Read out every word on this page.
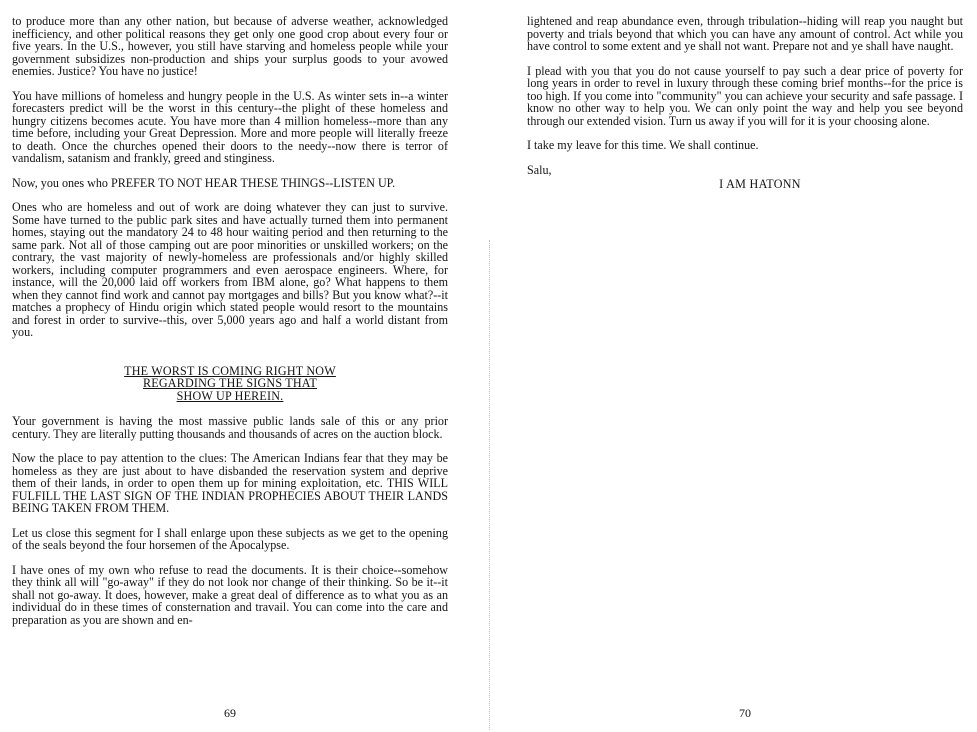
to produce more than any other nation, but because of adverse weather, acknowledged inefficiency, and other political reasons they get only one good crop about every four or five years. In the U.S., however, you still have starving and homeless people while your government subsidizes non-production and ships your surplus goods to your avowed enemies. Justice? You have no justice!

You have millions of homeless and hungry people in the U.S. As winter sets in--a winter forecasters predict will be the worst in this century--the plight of these homeless and hungry citizens becomes acute. You have more than 4 million homeless--more than any time before, including your Great Depression. More and more people will literally freeze to death. Once the churches opened their doors to the needy--now there is terror of vandalism, satanism and frankly, greed and stinginess.

Now, you ones who PREFER TO NOT HEAR THESE THINGS--LISTEN UP.

Ones who are homeless and out of work are doing whatever they can just to survive. Some have turned to the public park sites and have actually turned them into permanent homes, staying out the mandatory 24 to 48 hour waiting period and then returning to the same park. Not all of those camping out are poor minorities or unskilled workers; on the contrary, the vast majority of newly-homeless are professionals and/or highly skilled workers, including computer programmers and even aerospace engineers. Where, for instance, will the 20,000 laid off workers from IBM alone, go? What happens to them when they cannot find work and cannot pay mortgages and bills? But you know what?--it matches a prophecy of Hindu origin which stated people would resort to the mountains and forest in order to survive--this, over 5,000 years ago and half a world distant from you.

THE WORST IS COMING RIGHT NOW
REGARDING THE SIGNS THAT
SHOW UP HEREIN.

Your government is having the most massive public lands sale of this or any prior century. They are literally putting thousands and thousands of acres on the auction block.

Now the place to pay attention to the clues: The American Indians fear that they may be homeless as they are just about to have disbanded the reservation system and deprive them of their lands, in order to open them up for mining exploitation, etc. THIS WILL FULFILL THE LAST SIGN OF THE INDIAN PROPHECIES ABOUT THEIR LANDS BEING TAKEN FROM THEM.

Let us close this segment for I shall enlarge upon these subjects as we get to the opening of the seals beyond the four horsemen of the Apocalypse.

I have ones of my own who refuse to read the documents. It is their choice--somehow they think all will "go-away" if they do not look nor change of their thinking. So be it--it shall not go-away. It does, however, make a great deal of difference as to what you as an individual do in these times of consternation and travail. You can come into the care and preparation as you are shown and en-

69

lightened and reap abundance even, through tribulation--hiding will reap you naught but poverty and trials beyond that which you can have any amount of control. Act while you have control to some extent and ye shall not want. Prepare not and ye shall have naught.

I plead with you that you do not cause yourself to pay such a dear price of poverty for long years in order to revel in luxury through these coming brief months--for the price is too high. If you come into "community" you can achieve your security and safe passage. I know no other way to help you. We can only point the way and help you see beyond through our extended vision. Turn us away if you will for it is your choosing alone.

I take my leave for this time. We shall continue.

Salu,

I AM HATONN
70
